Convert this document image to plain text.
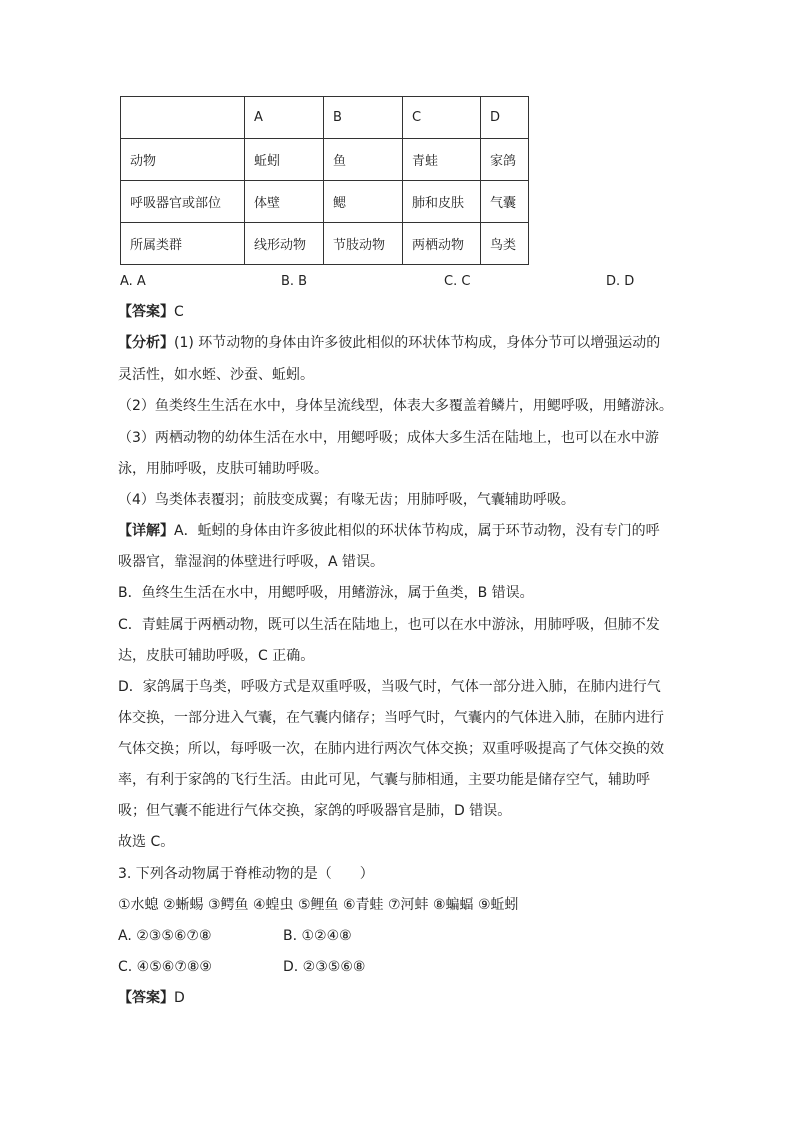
	A	B	C	D
动物	蚯蚓	鱼	青蛙	家鸽
呼吸器官或部位	体壁	鳃	肺和皮肤	气囊
所属类群	线形动物	节肢动物	两栖动物	鸟类
A. A	B. B	C. C	D. D
【答案】C
【分析】(1) 环节动物的身体由许多彼此相似的环状体节构成，身体分节可以增强运动的
灵活性，如水蛭、沙蚕、蚯蚓。
（2）鱼类终生生活在水中，身体呈流线型，体表大多覆盖着鳞片，用鳃呼吸，用鳍游泳。
（3）两栖动物的幼体生活在水中，用鳃呼吸；成体大多生活在陆地上，也可以在水中游
泳，用肺呼吸，皮肤可辅助呼吸。
（4）鸟类体表覆羽；前肢变成翼；有喙无齿；用肺呼吸，气囊辅助呼吸。
【详解】A．蚯蚓的身体由许多彼此相似的环状体节构成，属于环节动物，没有专门的呼
吸器官，靠湿润的体壁进行呼吸，A 错误。
B．鱼终生生活在水中，用鳃呼吸，用鳍游泳，属于鱼类，B 错误。
C．青蛙属于两栖动物，既可以生活在陆地上，也可以在水中游泳，用肺呼吸，但肺不发
达，皮肤可辅助呼吸，C 正确。
D．家鸽属于鸟类，呼吸方式是双重呼吸，当吸气时，气体一部分进入肺，在肺内进行气
体交换，一部分进入气囊，在气囊内储存；当呼气时，气囊内的气体进入肺，在肺内进行
气体交换；所以，每呼吸一次，在肺内进行两次气体交换；双重呼吸提高了气体交换的效
率，有利于家鸽的飞行生活。由此可见，气囊与肺相通，主要功能是储存空气，辅助呼
吸；但气囊不能进行气体交换，家鸽的呼吸器官是肺，D 错误。
故选 C。
3. 下列各动物属于脊椎动物的是（　　）
①水螅 ②蜥蜴 ③鳄鱼 ④蝗虫 ⑤鲤鱼 ⑥青蛙 ⑦河蚌 ⑧蝙蝠 ⑨蚯蚓
A. ②③⑤⑥⑦⑧	B. ①②④⑧
C. ④⑤⑥⑦⑧⑨	D. ②③⑤⑥⑧
【答案】D
